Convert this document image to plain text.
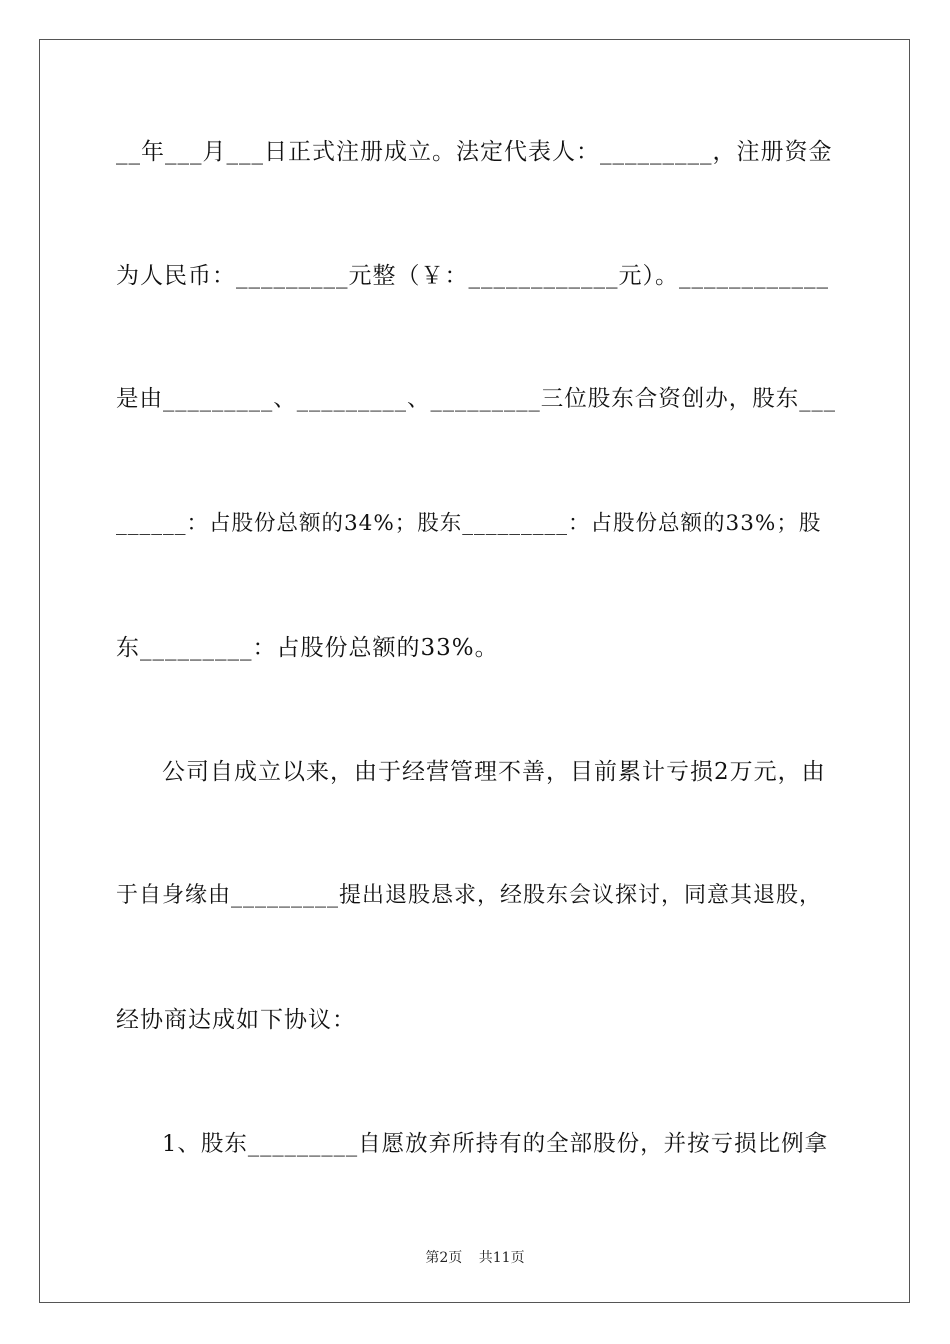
__年___月___日正式注册成立。法定代表人：_________，注册资金
为人民币：_________元整（￥：____________元）。____________
是由_________、_________、_________三位股东合资创办，股东___
______：占股份总额的34%；股东_________：占股份总额的33%；股
东_________：占股份总额的33%。
公司自成立以来，由于经营管理不善，目前累计亏损2万元，由
于自身缘由_________提出退股恳求，经股东会议探讨，同意其退股，
经协商达成如下协议：
1、股东_________自愿放弃所持有的全部股份，并按亏损比例拿
第2页 共11页
